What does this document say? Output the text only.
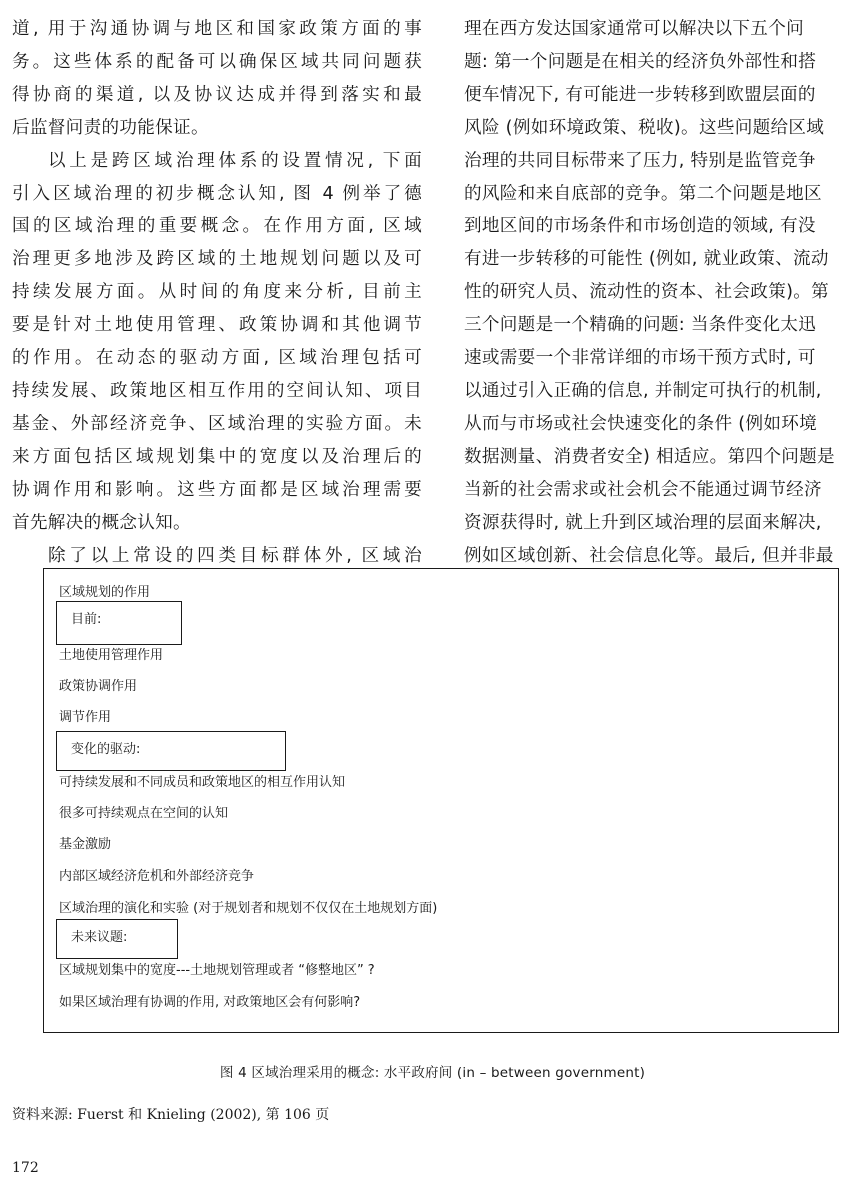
道, 用于沟通协调与地区和国家政策方面的事
务。这些体系的配备可以确保区域共同问题获
得协商的渠道, 以及协议达成并得到落实和最
后监督问责的功能保证。
以上是跨区域治理体系的设置情况, 下面
引入区域治理的初步概念认知, 图 4 例举了德
国的区域治理的重要概念。在作用方面, 区域
治理更多地涉及跨区域的土地规划问题以及可
持续发展方面。从时间的角度来分析, 目前主
要是针对土地使用管理、政策协调和其他调节
的作用。在动态的驱动方面, 区域治理包括可
持续发展、政策地区相互作用的空间认知、项目
基金、外部经济竞争、区域治理的实验方面。未
来方面包括区域规划集中的宽度以及治理后的
协调作用和影响。这些方面都是区域治理需要
首先解决的概念认知。
除了以上常设的四类目标群体外, 区域治
理在西方发达国家通常可以解决以下五个问
题: 第一个问题是在相关的经济负外部性和搭
便车情况下, 有可能进一步转移到欧盟层面的
风险 (例如环境政策、税收)。这些问题给区域
治理的共同目标带来了压力, 特别是监管竞争
的风险和来自底部的竞争。第二个问题是地区
到地区间的市场条件和市场创造的领域, 有没
有进一步转移的可能性 (例如, 就业政策、流动
性的研究人员、流动性的资本、社会政策)。第
三个问题是一个精确的问题: 当条件变化太迅
速或需要一个非常详细的市场干预方式时, 可
以通过引入正确的信息, 并制定可执行的机制,
从而与市场或社会快速变化的条件 (例如环境
数据测量、消费者安全) 相适应。第四个问题是
当新的社会需求或社会机会不能通过调节经济
资源获得时, 就上升到区域治理的层面来解决,
例如区域创新、社会信息化等。最后, 但并非最
区域规划的作用
目前:
土地使用管理作用
政策协调作用
调节作用
变化的驱动:
可持续发展和不同成员和政策地区的相互作用认知
很多可持续观点在空间的认知
基金激励
内部区域经济危机和外部经济竞争
区域治理的演化和实验 (对于规划者和规划不仅仅在土地规划方面)
未来议题:
区域规划集中的宽度---土地规划管理或者 “修整地区” ?
如果区域治理有协调的作用, 对政策地区会有何影响?
图 4 区域治理采用的概念: 水平政府间 (in – between government)
资料来源: Fuerst 和 Knieling (2002), 第 106 页
172
